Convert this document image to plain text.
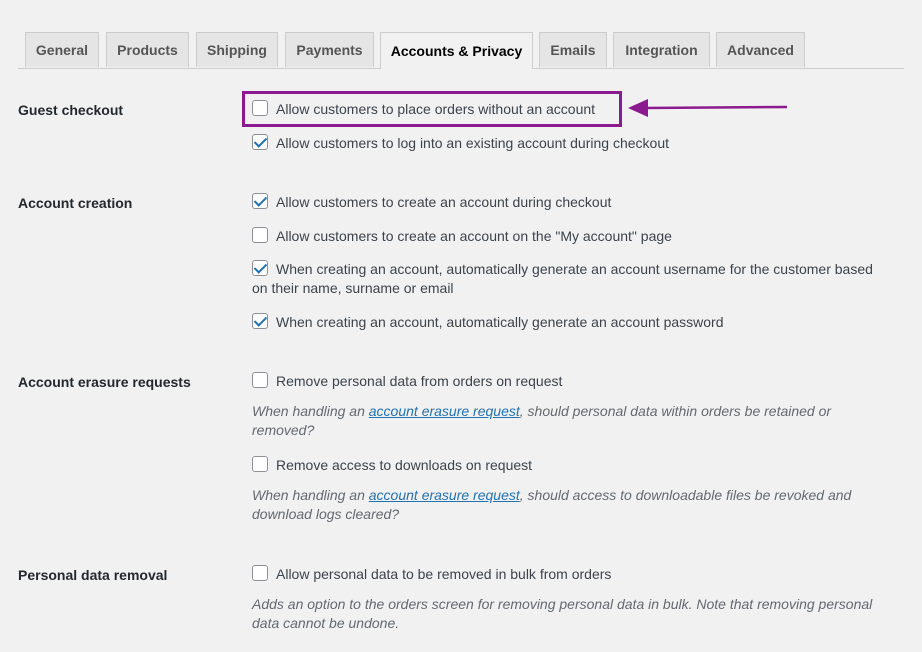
General	Products	Shipping	Payments	Accounts & Privacy	Emails	Integration	Advanced
Guest checkout	Allow customers to place orders without an account
Allow customers to log into an existing account during checkout
Account creation	Allow customers to create an account during checkout
Allow customers to create an account on the "My account" page
When creating an account, automatically generate an account username for the customer based on their name, surname or email
When creating an account, automatically generate an account password
Account erasure requests	Remove personal data from orders on request
When handling an account erasure request, should personal data within orders be retained or removed?
Remove access to downloads on request
When handling an account erasure request, should access to downloadable files be revoked and download logs cleared?
Personal data removal	Allow personal data to be removed in bulk from orders
Adds an option to the orders screen for removing personal data in bulk. Note that removing personal data cannot be undone.
